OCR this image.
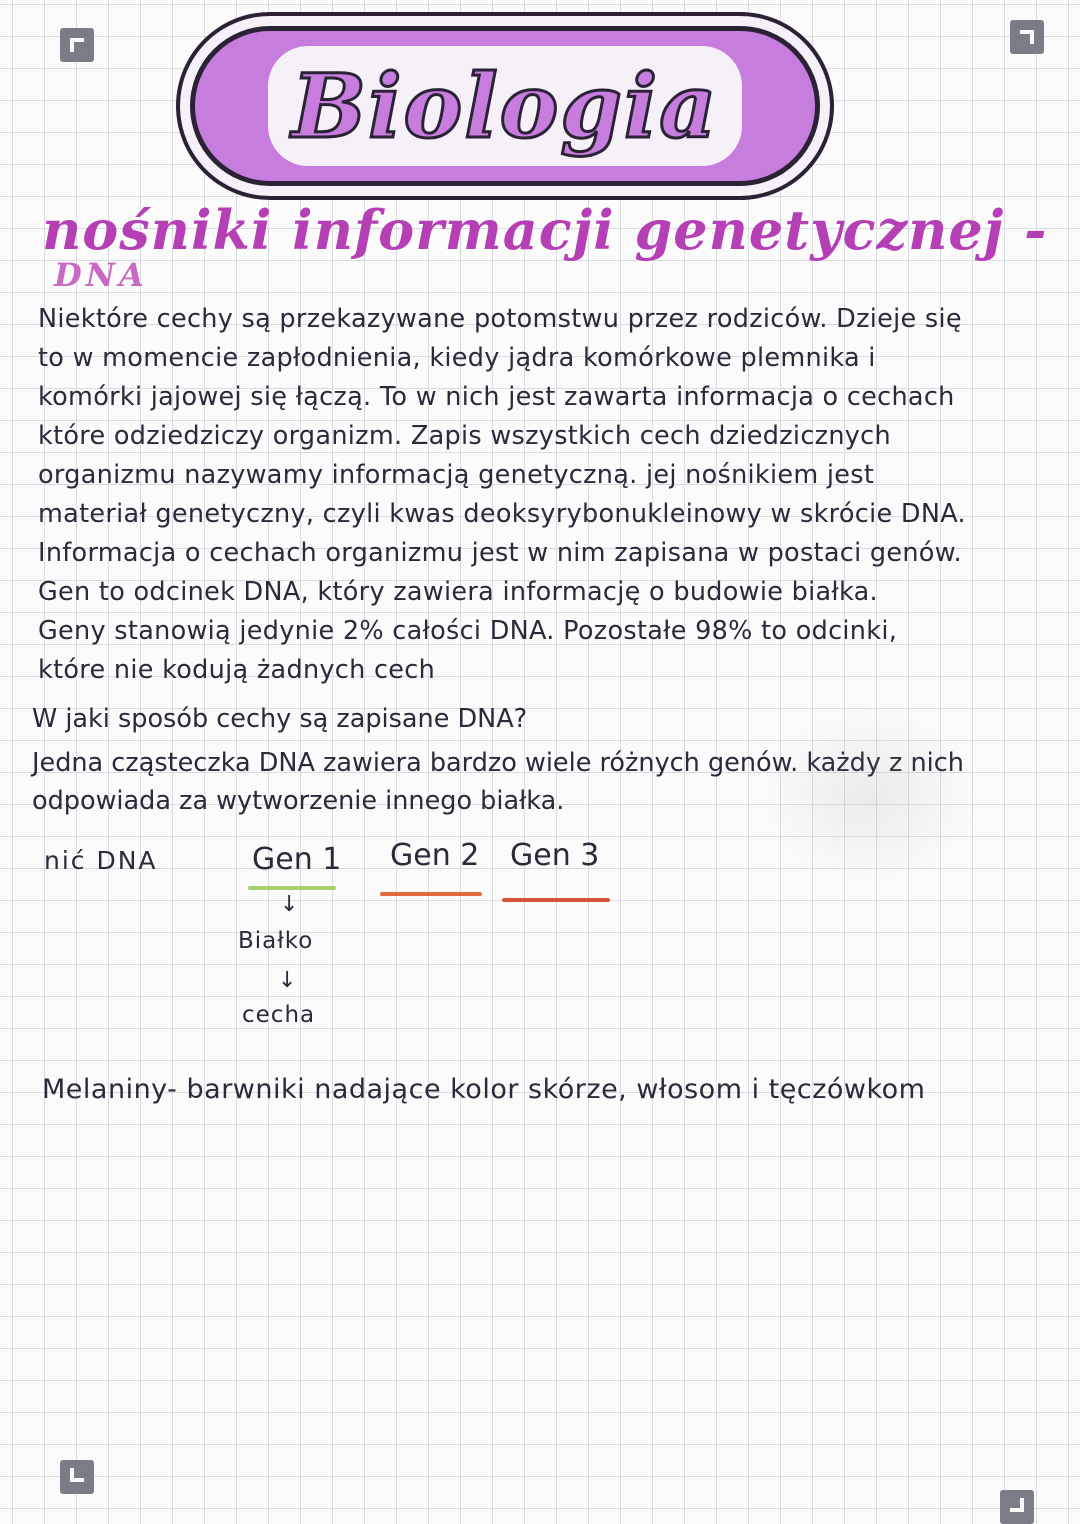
Biologia
nośniki informacji genetycznej -
DNA

Niektóre cechy są przekazywane potomstwu przez rodziców. Dzieje się
to w momencie zapłodnienia, kiedy jądra komórkowe plemnika i
komórki jajowej się łączą. To w nich jest zawarta informacja o cechach
które odziedziczy organizm. Zapis wszystkich cech dziedzicznych
organizmu nazywamy informacją genetyczną. jej nośnikiem jest
materiał genetyczny, czyli kwas deoksyrybonukleinowy w skrócie DNA.
Informacja o cechach organizmu jest w nim zapisana w postaci genów.
Gen to odcinek DNA, który zawiera informację o budowie białka.
Geny stanowią jedynie 2% całości DNA. Pozostałe 98% to odcinki,
które nie kodują żadnych cech

W jaki sposób cechy są zapisane DNA?

Jedna cząsteczka DNA zawiera bardzo wiele różnych genów. każdy z nich
odpowiada za wytworzenie innego białka.

nić DNA	Gen 1 Gen 2 Gen 3
↓
Białko
↓
cecha
Melaniny- barwniki nadające kolor skórze, włosom i tęczówkom
